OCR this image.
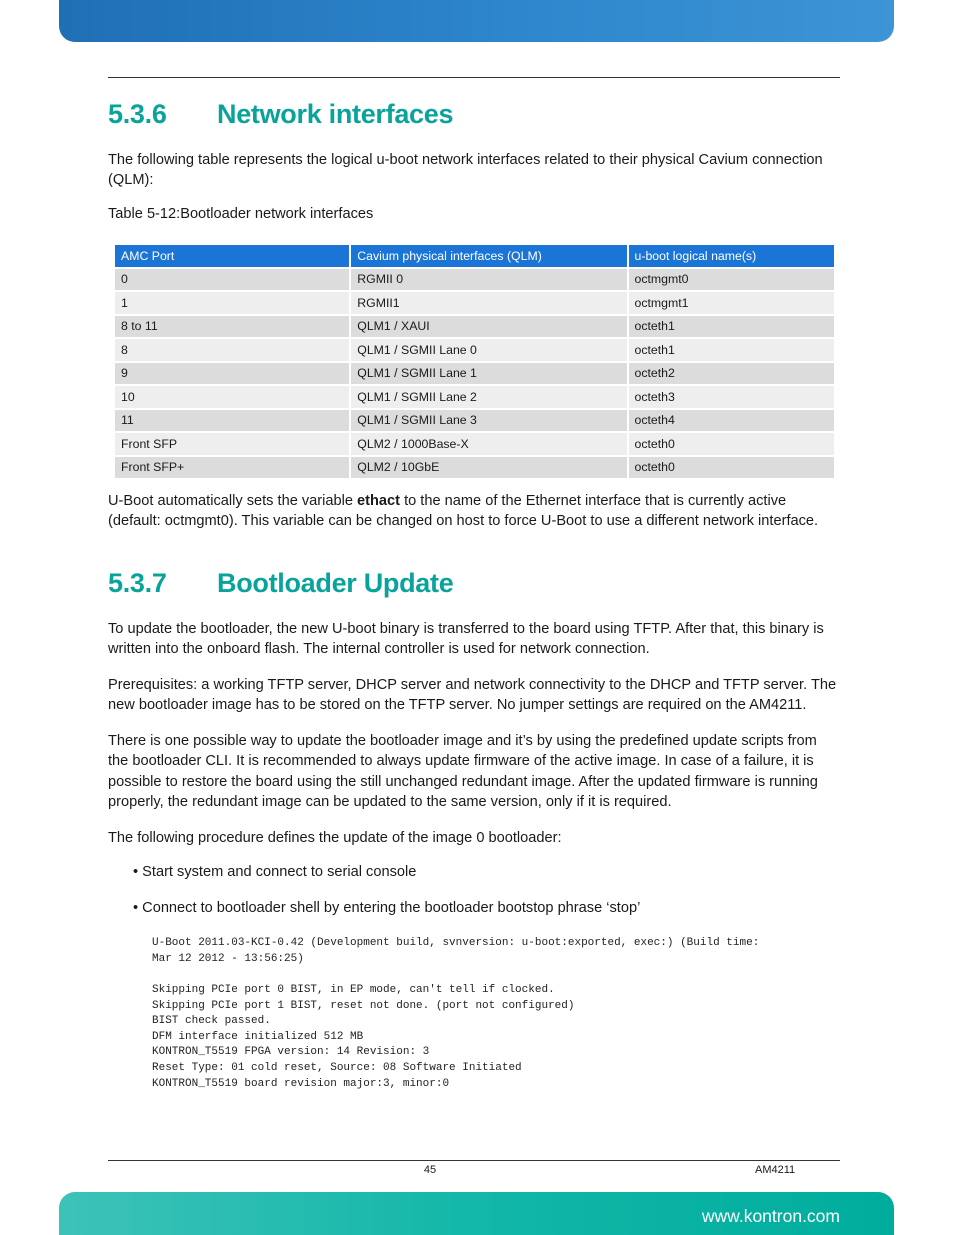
5.3.6 Network interfaces

The following table represents the logical u-boot network interfaces related to their physical Cavium connection (QLM):

Table 5-12:Bootloader network interfaces

AMC Port	Cavium physical interfaces (QLM)	u-boot logical name(s)
0	RGMII 0	octmgmt0
1	RGMII1	octmgmt1
8 to 11	QLM1 / XAUI	octeth1
8	QLM1 / SGMII Lane 0	octeth1
9	QLM1 / SGMII Lane 1	octeth2
10	QLM1 / SGMII Lane 2	octeth3
11	QLM1 / SGMII Lane 3	octeth4
Front SFP	QLM2 / 1000Base-X	octeth0
Front SFP+	QLM2 / 10GbE	octeth0

U-Boot automatically sets the variable ethact to the name of the Ethernet interface that is currently active (default: octmgmt0). This variable can be changed on host to force U-Boot to use a different network interface.

5.3.7 Bootloader Update

To update the bootloader, the new U-boot binary is transferred to the board using TFTP. After that, this binary is written into the onboard flash. The internal controller is used for network connection.

Prerequisites: a working TFTP server, DHCP server and network connectivity to the DHCP and TFTP server. The new bootloader image has to be stored on the TFTP server. No jumper settings are required on the AM4211.

There is one possible way to update the bootloader image and it’s by using the predefined update scripts from the bootloader CLI. It is recommended to always update firmware of the active image. In case of a failure, it is possible to restore the board using the still unchanged redundant image. After the updated firmware is running properly, the redundant image can be updated to the same version, only if it is required.

The following procedure defines the update of the image 0 bootloader:

• Start system and connect to serial console

• Connect to bootloader shell by entering the bootloader bootstop phrase ‘stop’

U-Boot 2011.03-KCI-0.42 (Development build, svnversion: u-boot:exported, exec:) (Build time:
Mar 12 2012 - 13:56:25)
Skipping PCIe port 0 BIST, in EP mode, can't tell if clocked.
Skipping PCIe port 1 BIST, reset not done. (port not configured)
BIST check passed.
DFM interface initialized 512 MB
KONTRON_T5519 FPGA version: 14 Revision: 3
Reset Type: 01 cold reset, Source: 08 Software Initiated
KONTRON_T5519 board revision major:3, minor:0
45	AM4211
www.kontron.com
